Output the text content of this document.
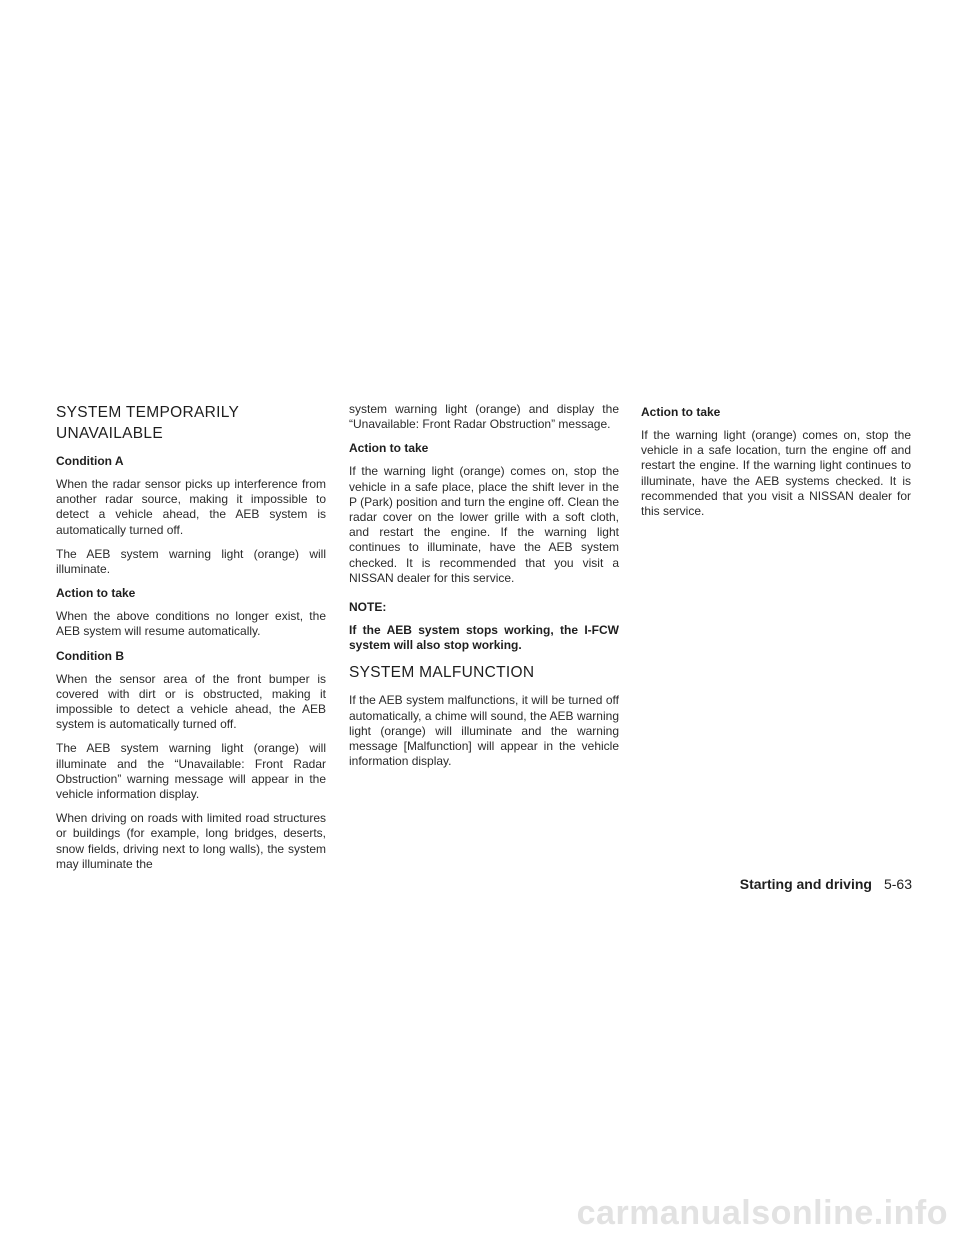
SYSTEM TEMPORARILY
UNAVAILABLE
Condition A
When the radar sensor picks up interference from another radar source, making it impossible to detect a vehicle ahead, the AEB system is automatically turned off.
The AEB system warning light (orange) will illuminate.
Action to take
When the above conditions no longer exist, the AEB system will resume automatically.
Condition B
When the sensor area of the front bumper is covered with dirt or is obstructed, making it impossible to detect a vehicle ahead, the AEB system is automatically turned off.
The AEB system warning light (orange) will illuminate and the “Unavailable: Front Radar Obstruction” warning message will appear in the vehicle information display.
When driving on roads with limited road structures or buildings (for example, long bridges, deserts, snow fields, driving next to long walls), the system may illuminate the
system warning light (orange) and display the “Unavailable: Front Radar Obstruction” message.
Action to take
If the warning light (orange) comes on, stop the vehicle in a safe place, place the shift lever in the P (Park) position and turn the engine off. Clean the radar cover on the lower grille with a soft cloth, and restart the engine. If the warning light continues to illuminate, have the AEB system checked. It is recommended that you visit a NISSAN dealer for this service.
NOTE:
If the AEB system stops working, the I-FCW system will also stop working.
SYSTEM MALFUNCTION
If the AEB system malfunctions, it will be turned off automatically, a chime will sound, the AEB warning light (orange) will illuminate and the warning message [Malfunction] will appear in the vehicle information display.
Action to take
If the warning light (orange) comes on, stop the vehicle in a safe location, turn the engine off and restart the engine. If the warning light continues to illuminate, have the AEB systems checked. It is recommended that you visit a NISSAN dealer for this service.
Starting and driving 5-63
carmanualsonline.info
